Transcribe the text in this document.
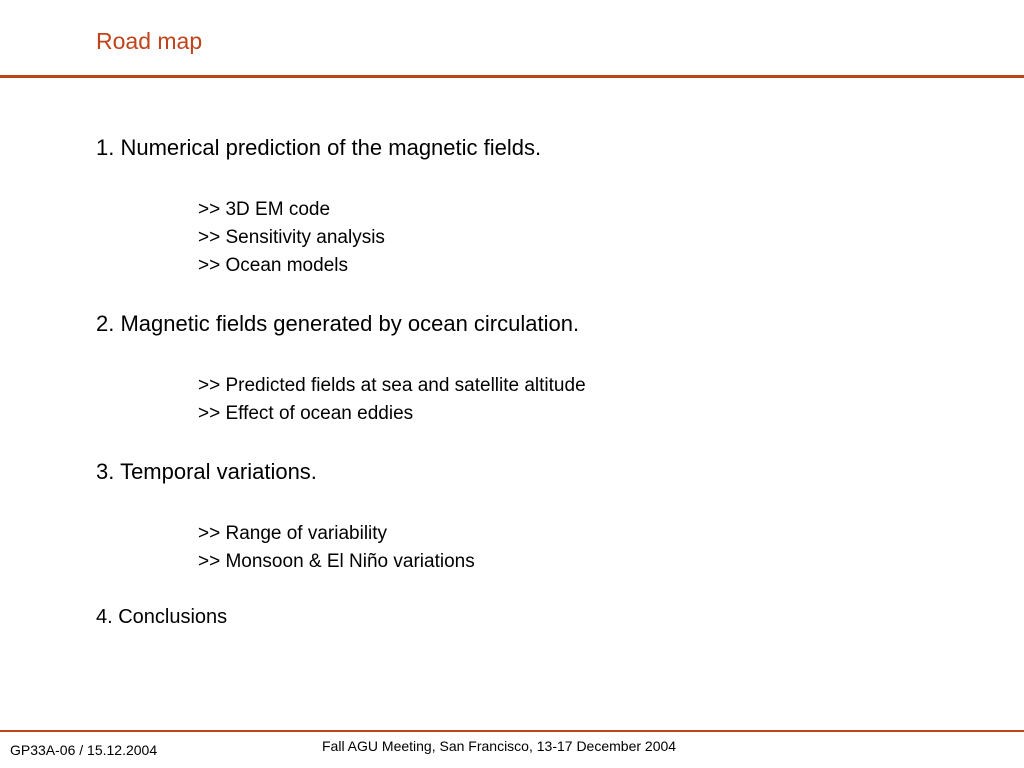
Road map

1. Numerical prediction of the magnetic fields.

>> 3D EM code
>> Sensitivity analysis
>> Ocean models

2. Magnetic fields generated by ocean circulation.

>> Predicted fields at sea and satellite altitude
>> Effect of ocean eddies

3. Temporal variations.

>> Range of variability
>> Monsoon & El Niño variations

4. Conclusions

GP33A-06 / 15.12.2004	Fall AGU Meeting, San Francisco, 13-17 December 2004
